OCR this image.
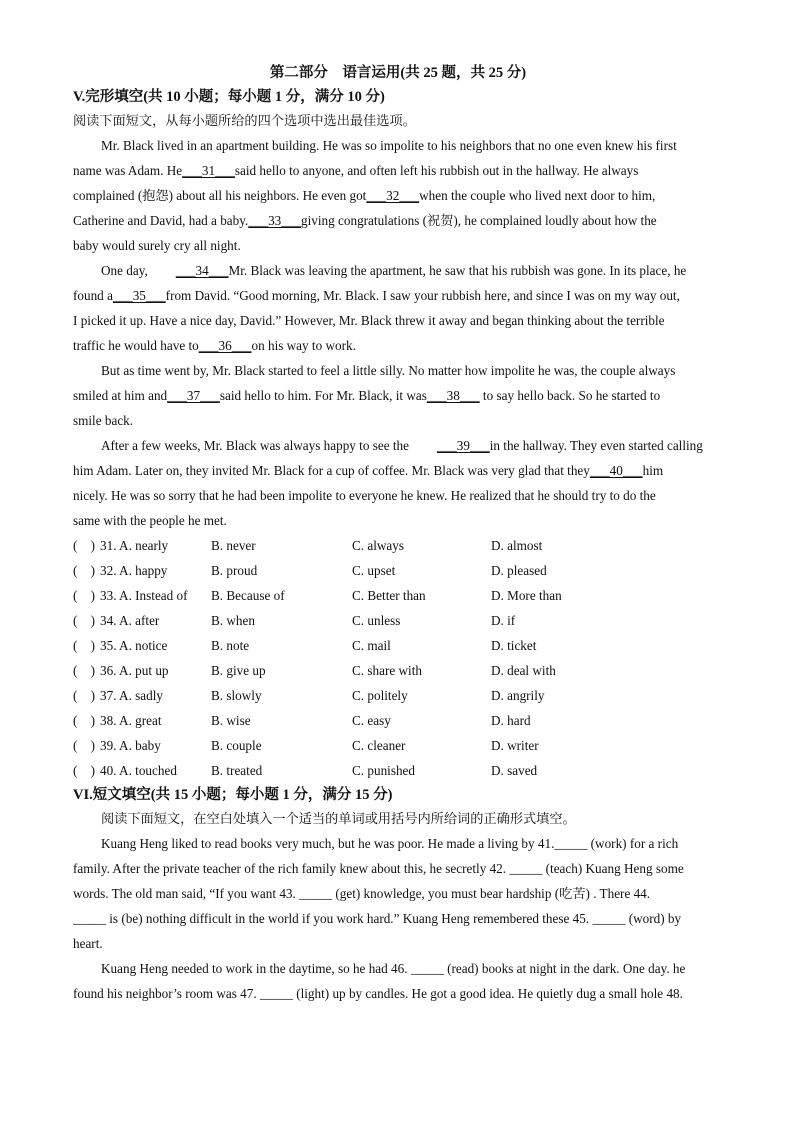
第二部分　语言运用(共 25 题，共 25 分)
V.完形填空(共 10 小题；每小题 1 分，满分 10 分)
阅读下面短文，从每小题所给的四个选项中选出最佳选项。
Mr. Black lived in an apartment building. He was so impolite to his neighbors that no one even knew his first
name was Adam. He___31___said hello to anyone, and often left his rubbish out in the hallway. He always
complained (抱怨) about all his neighbors. He even got___32___when the couple who lived next door to him,
Catherine and David, had a baby.___33___giving congratulations (祝贺), he complained loudly about how the
baby would surely cry all night.
One day, ___34___Mr. Black was leaving the apartment, he saw that his rubbish was gone. In its place, he
found a___35___from David. “Good morning, Mr. Black. I saw your rubbish here, and since I was on my way out,
I picked it up. Have a nice day, David.” However, Mr. Black threw it away and began thinking about the terrible
traffic he would have to___36___on his way to work.
But as time went by, Mr. Black started to feel a little silly. No matter how impolite he was, the couple always
smiled at him and___37___said hello to him. For Mr. Black, it was___38___ to say hello back. So he started to
smile back.
After a few weeks, Mr. Black was always happy to see the ___39___in the hallway. They even started calling
him Adam. Later on, they invited Mr. Black for a cup of coffee. Mr. Black was very glad that they___40___him
nicely. He was so sorry that he had been impolite to everyone he knew. He realized that he should try to do the
same with the people he met.
(　) 31. A. nearly	B. never	C. always	D. almost
(　) 32. A. happy	B. proud	C. upset	D. pleased
(　) 33. A. Instead of	B. Because of	C. Better than	D. More than
(　) 34. A. after	B. when	C. unless	D. if
(　) 35. A. notice	B. note	C. mail	D. ticket
(　) 36. A. put up	B. give up	C. share with	D. deal with
(　) 37. A. sadly	B. slowly	C. politely	D. angrily
(　) 38. A. great	B. wise	C. easy	D. hard
(　) 39. A. baby	B. couple	C. cleaner	D. writer
(　) 40. A. touched	B. treated	C. punished	D. saved
VI.短文填空(共 15 小题；每小题 1 分，满分 15 分)
阅读下面短文，在空白处填入一个适当的单词或用括号内所给词的正确形式填空。
Kuang Heng liked to read books very much, but he was poor. He made a living by 41._____ (work) for a rich
family. After the private teacher of the rich family knew about this, he secretly 42. _____ (teach) Kuang Heng some
words. The old man said, “If you want 43. _____ (get) knowledge, you must bear hardship (吃苦) . There 44.
_____ is (be) nothing difficult in the world if you work hard.” Kuang Heng remembered these 45. _____ (word) by
heart.
Kuang Heng needed to work in the daytime, so he had 46. _____ (read) books at night in the dark. One day. he
found his neighbor’s room was 47. _____ (light) up by candles. He got a good idea. He quietly dug a small hole 48.
